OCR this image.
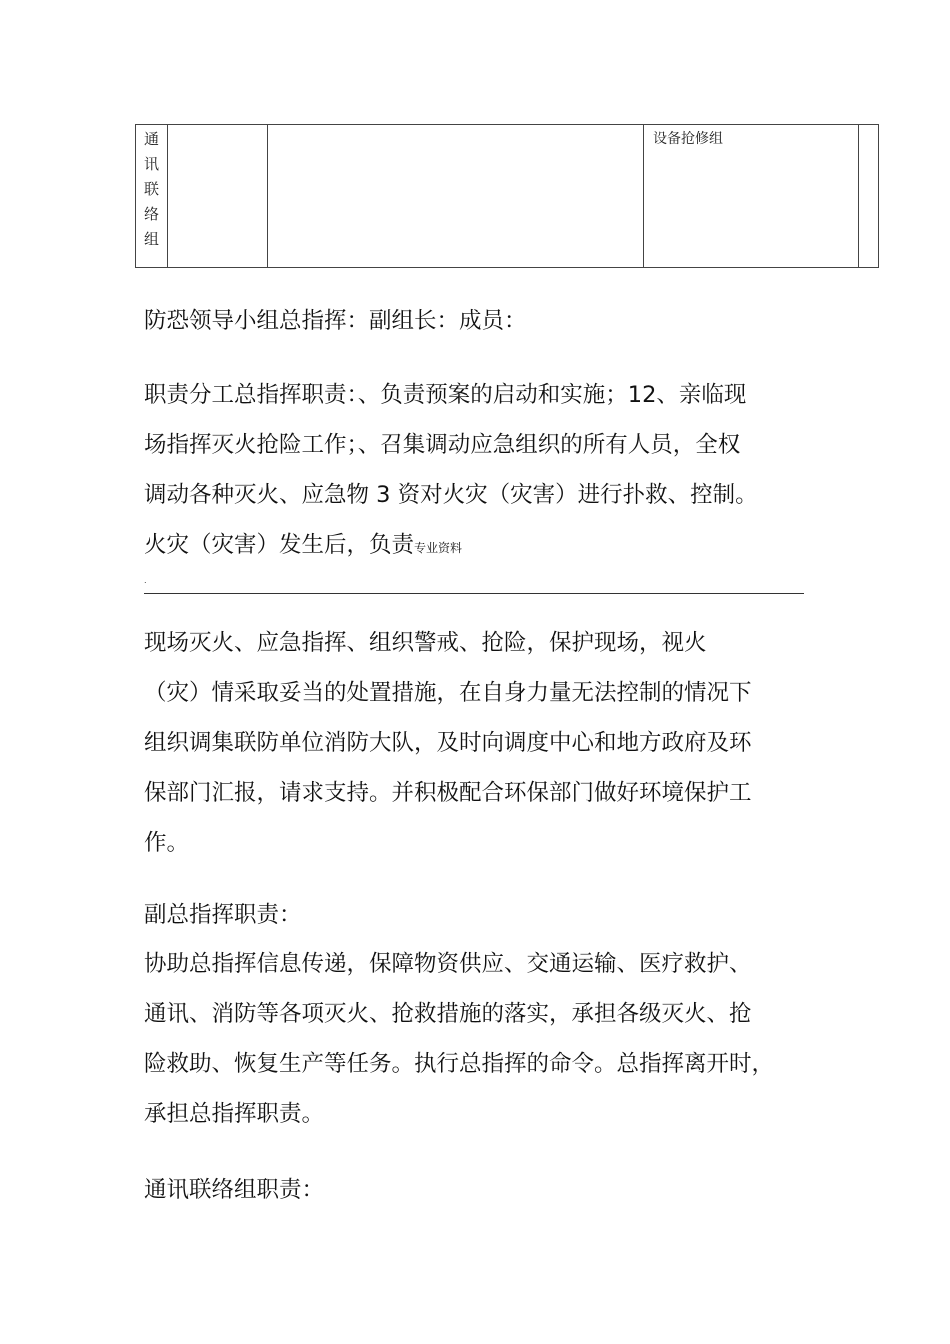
通
讯
联
络
组
设备抢修组

防恐领导小组总指挥：副组长：成员：

职责分工总指挥职责：、负责预案的启动和实施；12、亲临现
场指挥灭火抢险工作；、召集调动应急组织的所有人员，全权
调动各种灭火、应急物 3 资对火灾（灾害）进行扑救、控制。
火灾（灾害）发生后，负责专业资料

.

现场灭火、应急指挥、组织警戒、抢险，保护现场，视火
（灾）情采取妥当的处置措施，在自身力量无法控制的情况下
组织调集联防单位消防大队，及时向调度中心和地方政府及环
保部门汇报，请求支持。并积极配合环保部门做好环境保护工
作。

副总指挥职责：

协助总指挥信息传递，保障物资供应、交通运输、医疗救护、
通讯、消防等各项灭火、抢救措施的落实，承担各级灭火、抢
险救助、恢复生产等任务。执行总指挥的命令。总指挥离开时，
承担总指挥职责。

通讯联络组职责：
